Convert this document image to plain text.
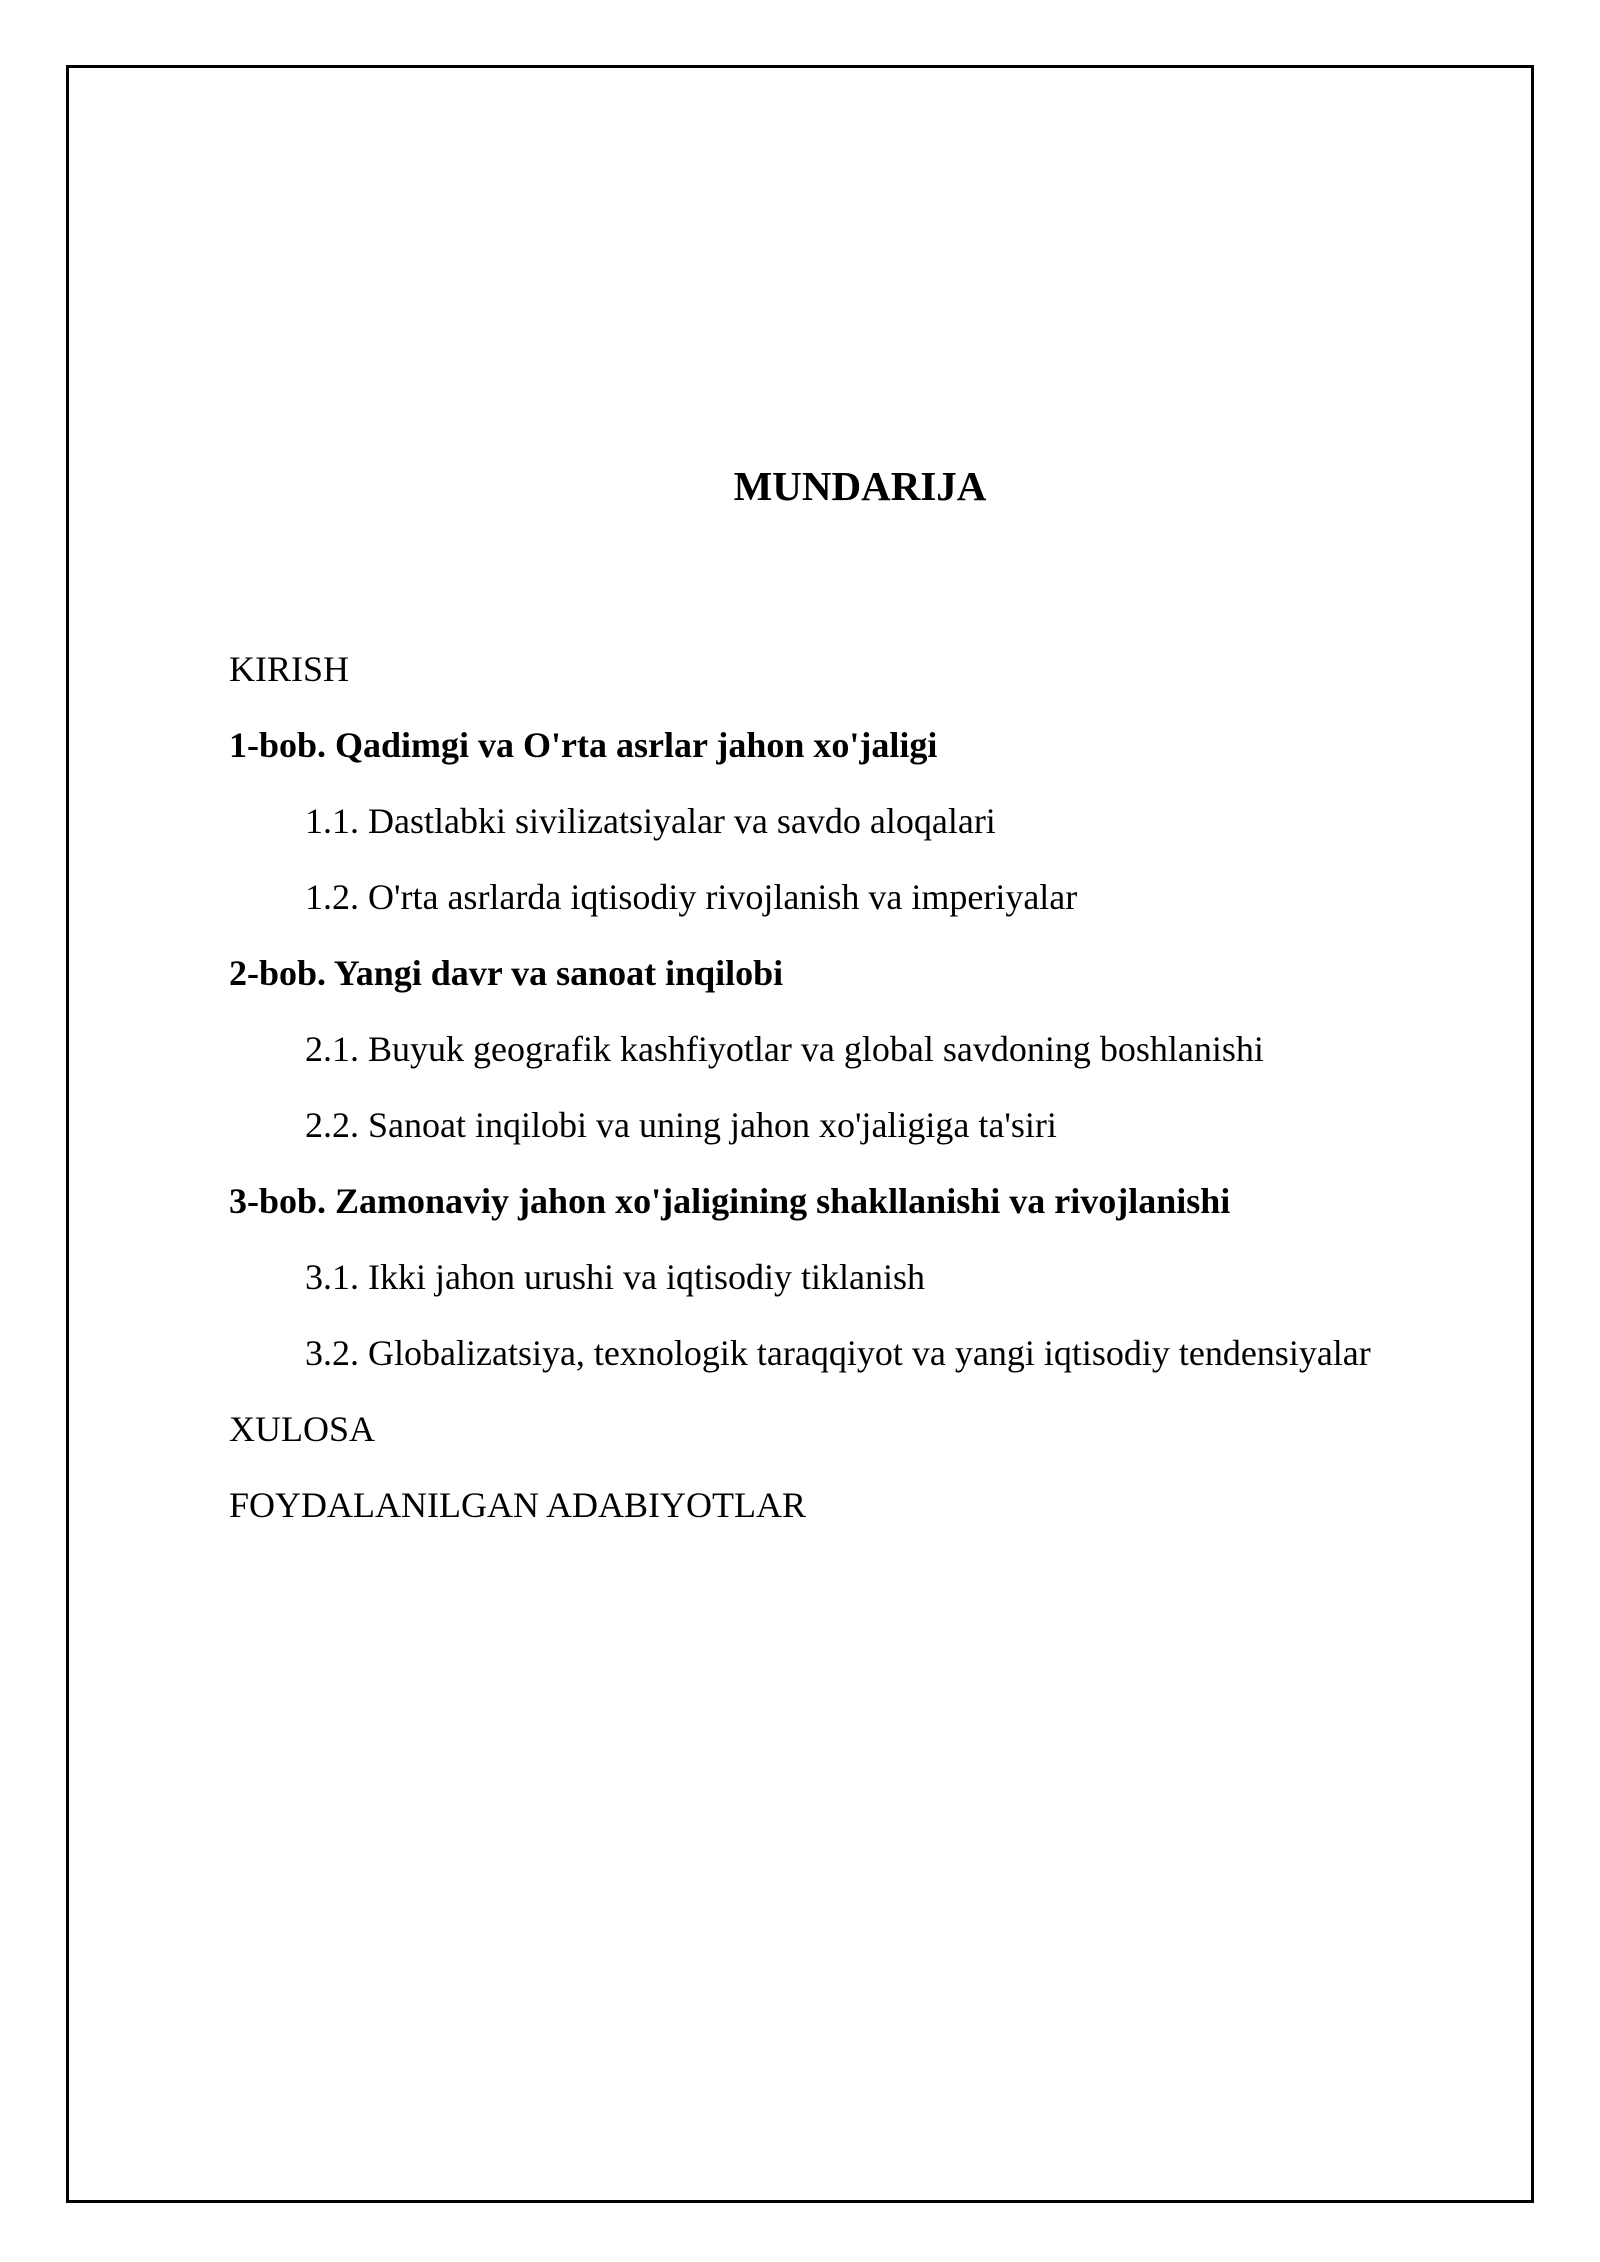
MUNDARIJA
KIRISH
1-bob. Qadimgi va O'rta asrlar jahon xo'jaligi
1.1. Dastlabki sivilizatsiyalar va savdo aloqalari
1.2. O'rta asrlarda iqtisodiy rivojlanish va imperiyalar
2-bob. Yangi davr va sanoat inqilobi
2.1. Buyuk geografik kashfiyotlar va global savdoning boshlanishi
2.2. Sanoat inqilobi va uning jahon xo'jaligiga ta'siri
3-bob. Zamonaviy jahon xo'jaligining shakllanishi va rivojlanishi
3.1. Ikki jahon urushi va iqtisodiy tiklanish
3.2. Globalizatsiya, texnologik taraqqiyot va yangi iqtisodiy tendensiyalar
XULOSA
FOYDALANILGAN ADABIYOTLAR
